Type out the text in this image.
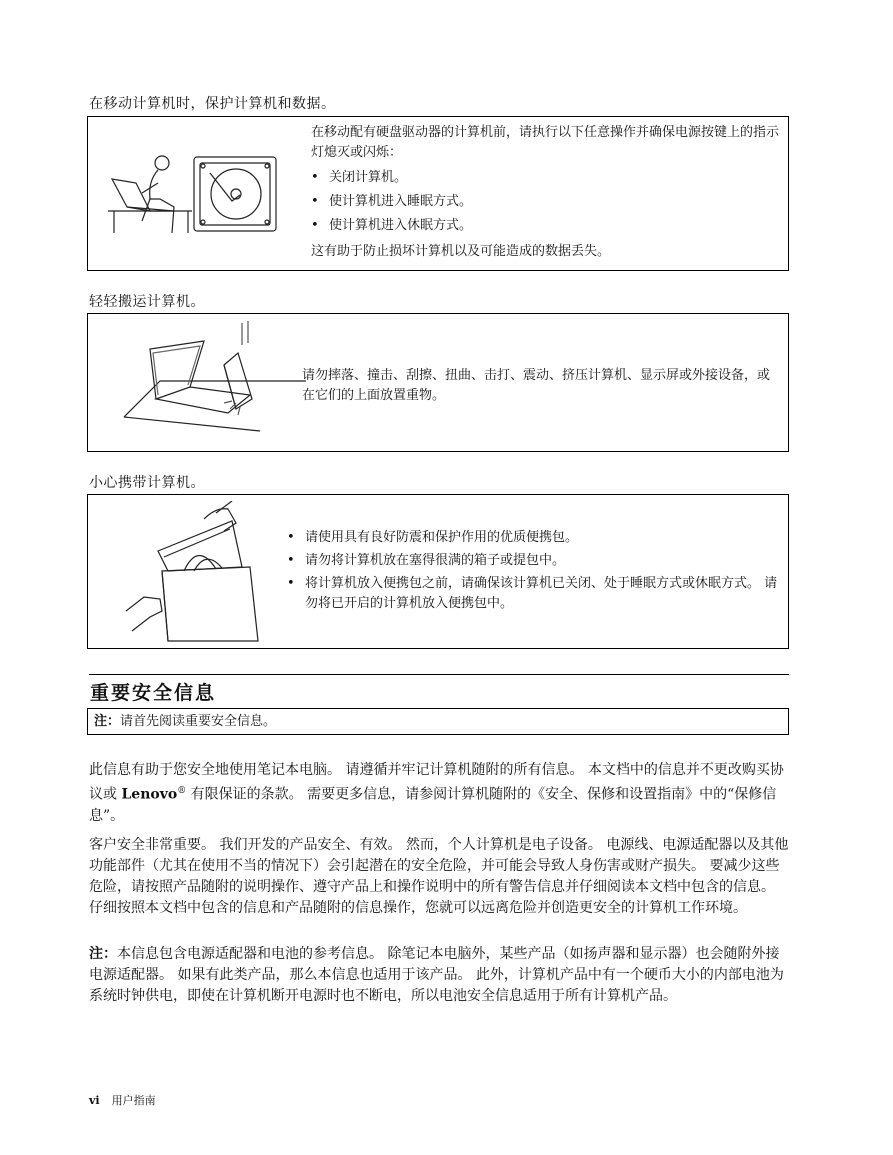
在移动计算机时，保护计算机和数据。

在移动配有硬盘驱动器的计算机前，请执行以下任意操作并确保电源按键上的指示灯熄灭或闪烁：

• 关闭计算机。
• 使计算机进入睡眠方式。
• 使计算机进入休眠方式。

这有助于防止损坏计算机以及可能造成的数据丢失。

轻轻搬运计算机。
请勿摔落、撞击、刮擦、扭曲、击打、震动、挤压计算机、显示屏或外接设备，或在它们的上面放置重物。
小心携带计算机。
• 请使用具有良好防震和保护作用的优质便携包。
• 请勿将计算机放在塞得很满的箱子或提包中。
• 将计算机放入便携包之前，请确保该计算机已关闭、处于睡眠方式或休眠方式。 请勿将已开启的计算机放入便携包中。
重要安全信息
注：请首先阅读重要安全信息。

此信息有助于您安全地使用笔记本电脑。 请遵循并牢记计算机随附的所有信息。 本文档中的信息并不更改购买协议或 Lenovo® 有限保证的条款。 需要更多信息，请参阅计算机随附的《安全、保修和设置指南》中的“保修信息”。

客户安全非常重要。 我们开发的产品安全、有效。 然而，个人计算机是电子设备。 电源线、电源适配器以及其他功能部件（尤其在使用不当的情况下）会引起潜在的安全危险，并可能会导致人身伤害或财产损失。 要减少这些危险，请按照产品随附的说明操作、遵守产品上和操作说明中的所有警告信息并仔细阅读本文档中包含的信息。 仔细按照本文档中包含的信息和产品随附的信息操作，您就可以远离危险并创造更安全的计算机工作环境。

注：本信息包含电源适配器和电池的参考信息。 除笔记本电脑外，某些产品（如扬声器和显示器）也会随附外接电源适配器。 如果有此类产品，那么本信息也适用于该产品。 此外，计算机产品中有一个硬币大小的内部电池为系统时钟供电，即使在计算机断开电源时也不断电，所以电池安全信息适用于所有计算机产品。

vi 用户指南
